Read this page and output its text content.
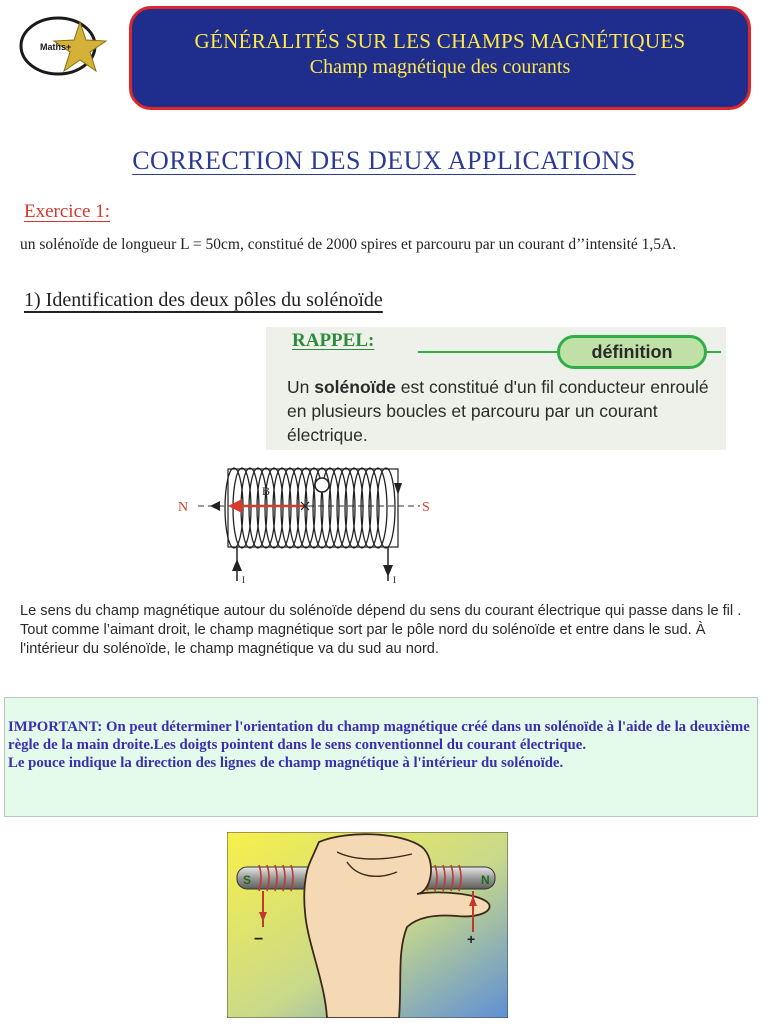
Maths+	GÉNÉRALITÉS SUR LES CHAMPS MAGNÉTIQUES
Champ magnétique des courants
CORRECTION DES DEUX APPLICATIONS
Exercice 1:
un solénoïde de longueur L = 50cm, constitué de 2000 spires et parcouru par un courant d’’intensité 1,5A.
1) Identification des deux pôles du solénoïde
RAPPEL:
définition
Un solénoïde est constitué d'un fil conducteur enroulé en plusieurs boucles et parcouru par un courant électrique.
N	S
B
I	I
Le sens du champ magnétique autour du solénoïde dépend du sens du courant électrique qui passe dans le fil . Tout comme l’aimant droit, le champ magnétique sort par le pôle nord du solénoïde et entre dans le sud. À l'intérieur du solénoïde, le champ magnétique va du sud au nord.
IMPORTANT: On peut déterminer l'orientation du champ magnétique créé dans un solénoïde à l'aide de la deuxième règle de la main droite.Les doigts pointent dans le sens conventionnel du courant électrique.
Le pouce indique la direction des lignes de champ magnétique à l'intérieur du solénoïde.
S	N
−	+
